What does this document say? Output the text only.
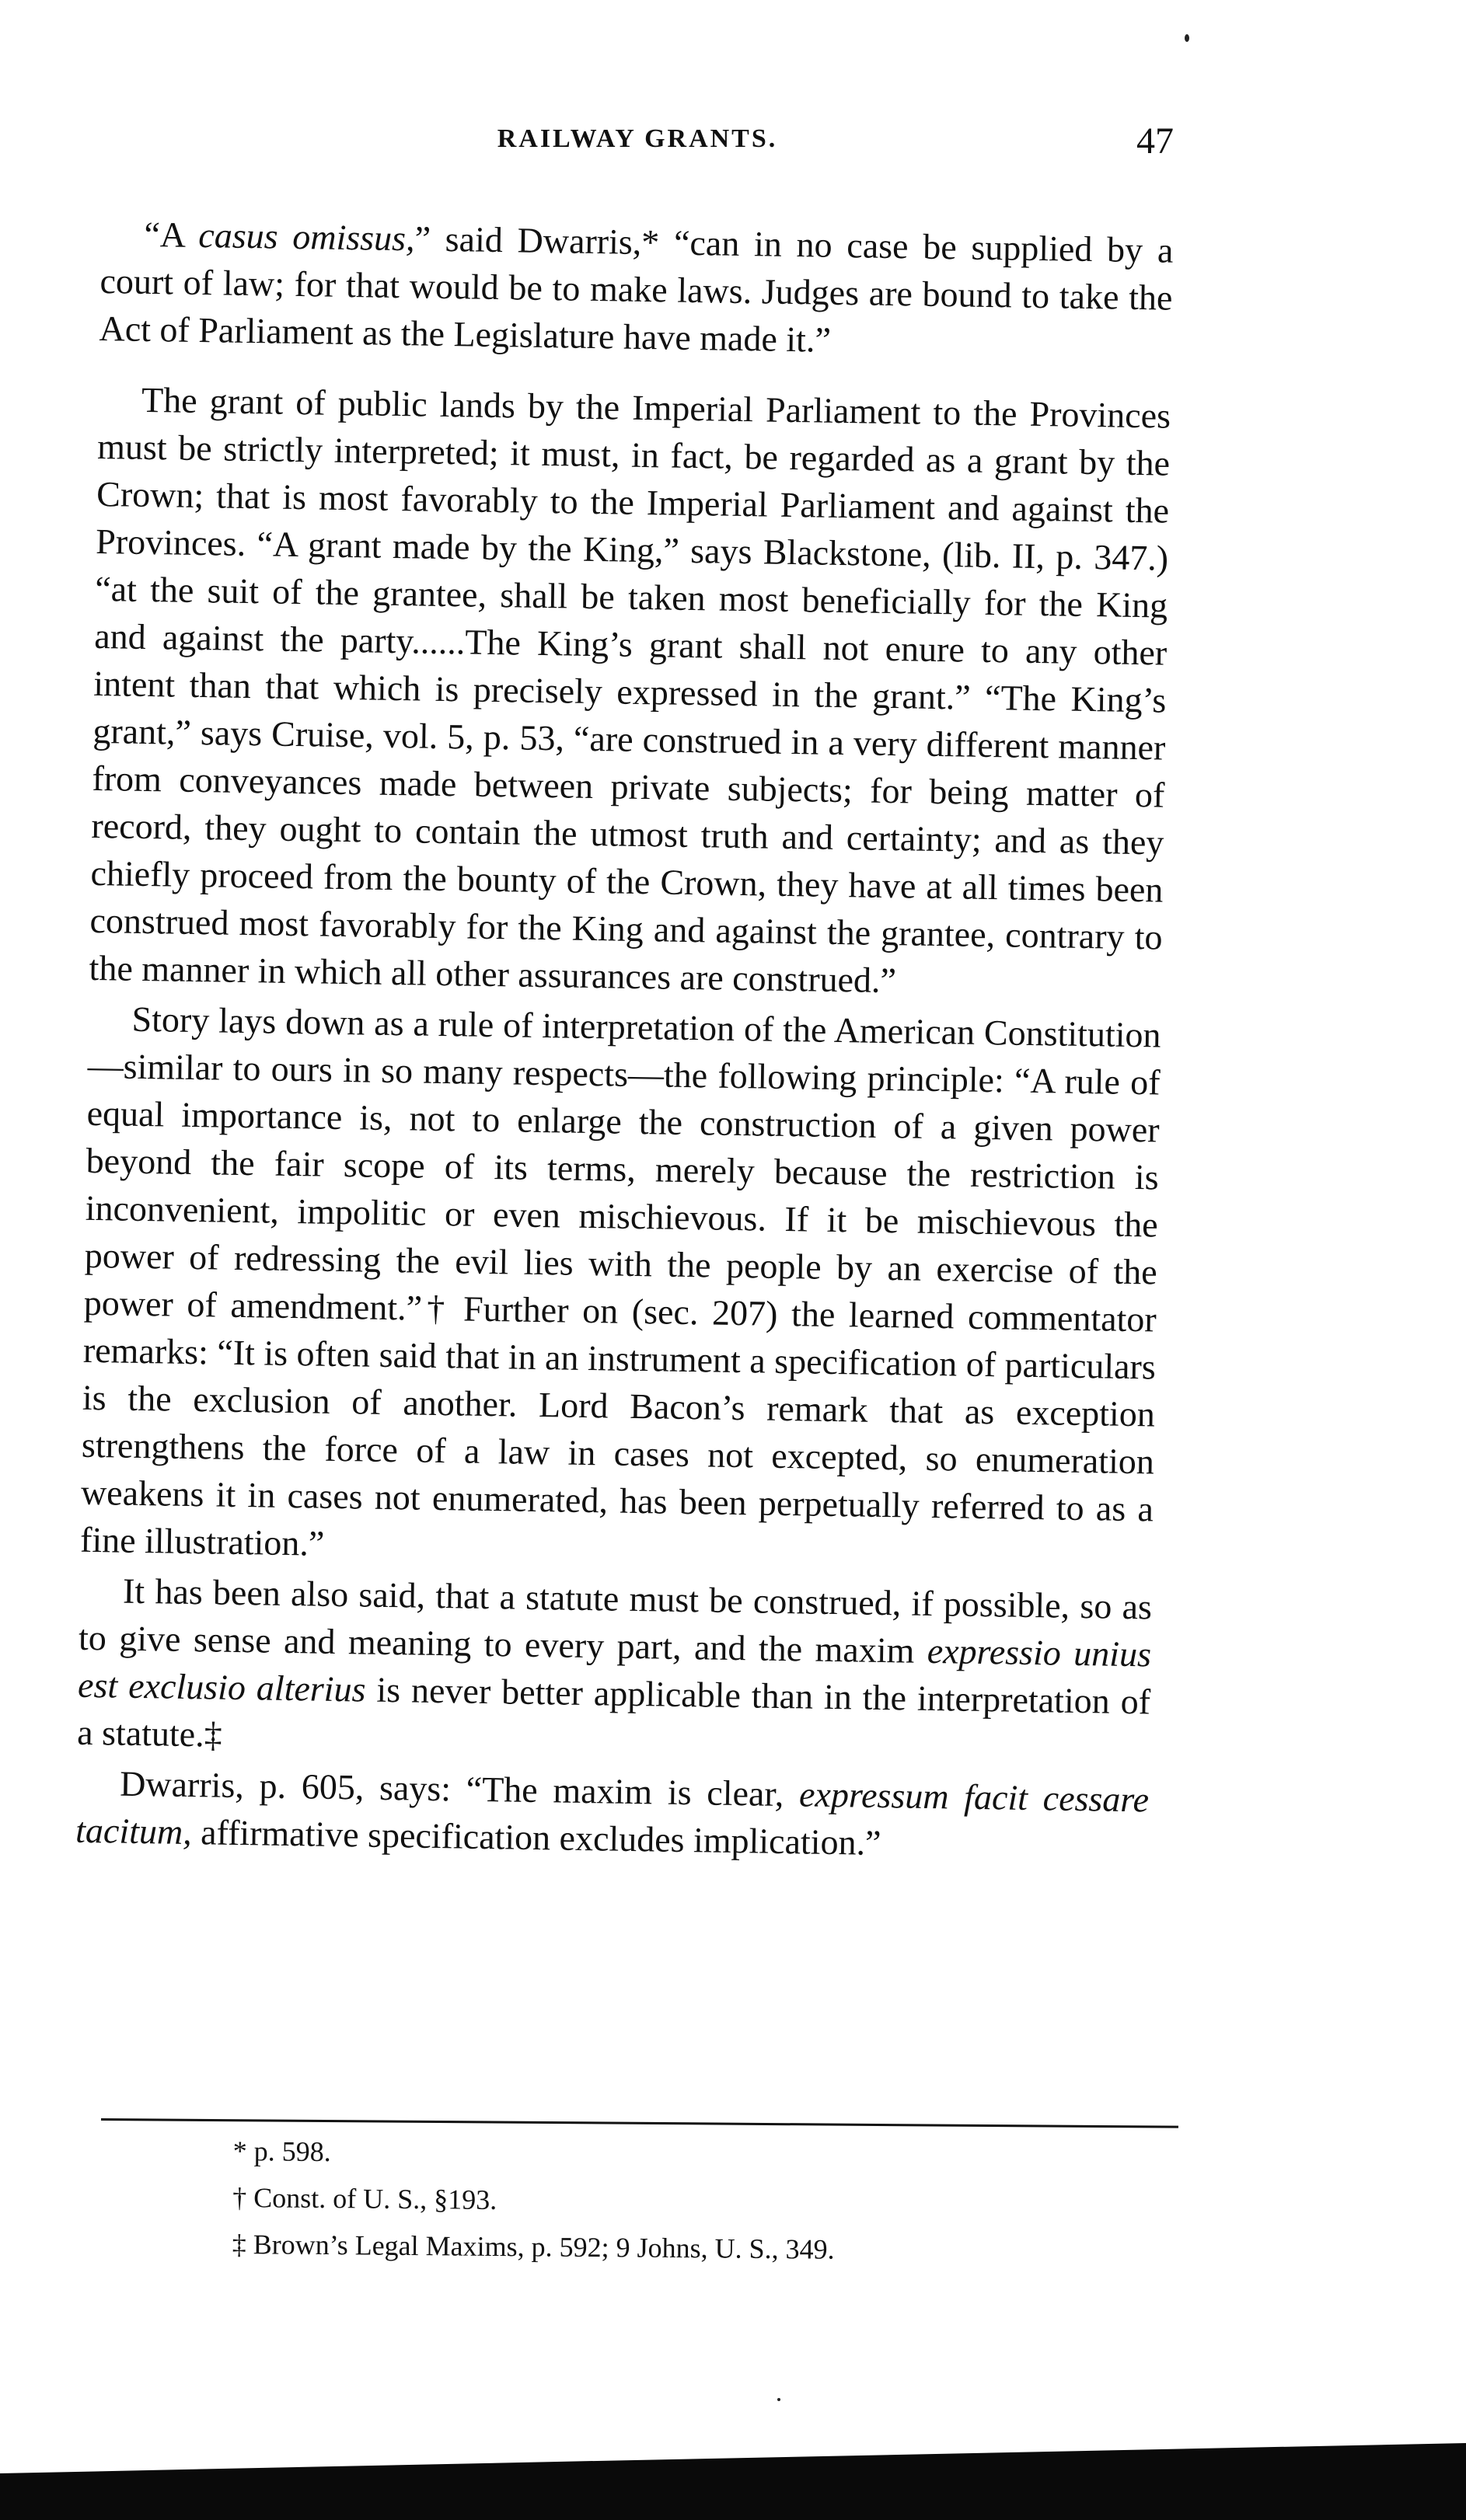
RAILWAY GRANTS.	47

“A casus omissus,” said Dwarris,* “can in no case be supplied by a court of law; for that would be to make laws. Judges are bound to take the Act of Parliament as the Legislature have made it.”

The grant of public lands by the Imperial Parliament to the Provinces must be strictly interpreted; it must, in fact, be regarded as a grant by the Crown; that is most favorably to the Imperial Parliament and against the Provinces. “A grant made by the King,” says Blackstone, (lib. II, p. 347.) “at the suit of the grantee, shall be taken most beneficially for the King and against the party......The King’s grant shall not enure to any other intent than that which is precisely expressed in the grant.” “The King’s grant,” says Cruise, vol. 5, p. 53, “are construed in a very different manner from conveyances made between private subjects; for being matter of record, they ought to contain the utmost truth and certainty; and as they chiefly proceed from the bounty of the Crown, they have at all times been construed most favorably for the King and against the grantee, contrary to the manner in which all other assurances are construed.”

Story lays down as a rule of interpretation of the American Constitution—similar to ours in so many respects—the following principle: “A rule of equal importance is, not to enlarge the construction of a given power beyond the fair scope of its terms, merely because the restriction is inconvenient, impolitic or even mischievous. If it be mischievous the power of redressing the evil lies with the people by an exercise of the power of amendment.”† Further on (sec. 207) the learned commentator remarks: “It is often said that in an instrument a specification of particulars is the exclusion of another. Lord Bacon’s remark that as exception strengthens the force of a law in cases not excepted, so enumeration weakens it in cases not enumerated, has been perpetually referred to as a fine illustration.”

It has been also said, that a statute must be construed, if possible, so as to give sense and meaning to every part, and the maxim expressio unius est exclusio alterius is never better applicable than in the interpretation of a statute.‡

Dwarris, p. 605, says: “The maxim is clear, expressum facit cessare tacitum, affirmative specification excludes implication.”

* p. 598.
† Const. of U. S., §193.
‡ Brown’s Legal Maxims, p. 592; 9 Johns, U. S., 349.
